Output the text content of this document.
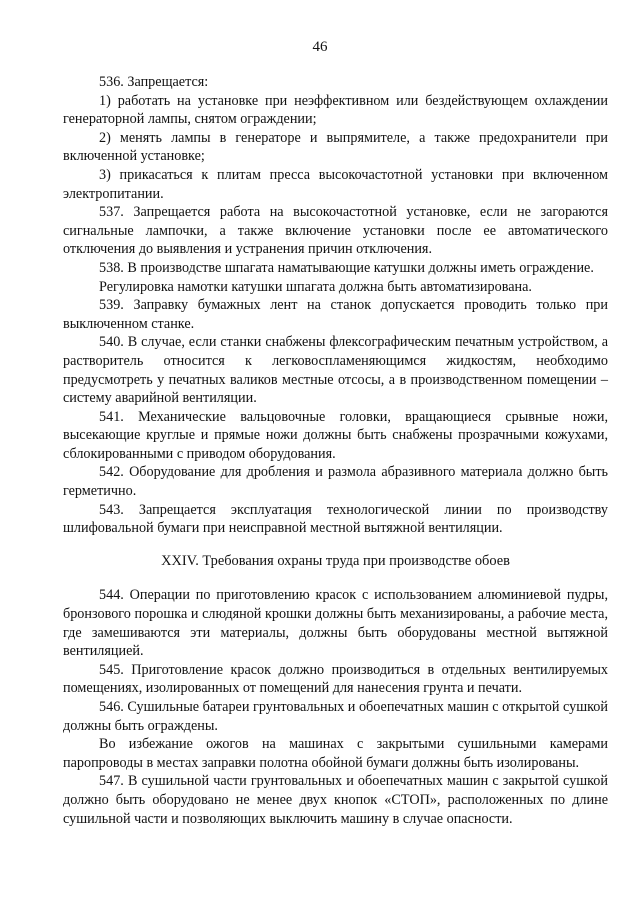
46

536. Запрещается:

1) работать на установке при неэффективном или бездействующем охлаждении генераторной лампы, снятом ограждении;

2) менять лампы в генераторе и выпрямителе, а также предохранители при включенной установке;

3) прикасаться к плитам пресса высокочастотной установки при включенном электропитании.

537. Запрещается работа на высокочастотной установке, если не загораются сигнальные лампочки, а также включение установки после ее автоматического отключения до выявления и устранения причин отключения.

538. В производстве шпагата наматывающие катушки должны иметь ограждение.

Регулировка намотки катушки шпагата должна быть автоматизирована.

539. Заправку бумажных лент на станок допускается проводить только при выключенном станке.

540. В случае, если станки снабжены флексографическим печатным устройством, а растворитель относится к легковоспламеняющимся жидкостям, необходимо предусмотреть у печатных валиков местные отсосы, а в производственном помещении – систему аварийной вентиляции.

541. Механические вальцовочные головки, вращающиеся срывные ножи, высекающие круглые и прямые ножи должны быть снабжены прозрачными кожухами, сблокированными с приводом оборудования.

542. Оборудование для дробления и размола абразивного материала должно быть герметично.

543. Запрещается эксплуатация технологической линии по производству шлифовальной бумаги при неисправной местной вытяжной вентиляции.

XXIV. Требования охраны труда при производстве обоев

544. Операции по приготовлению красок с использованием алюминиевой пудры, бронзового порошка и слюдяной крошки должны быть механизированы, а рабочие места, где замешиваются эти материалы, должны быть оборудованы местной вытяжной вентиляцией.

545. Приготовление красок должно производиться в отдельных вентилируемых помещениях, изолированных от помещений для нанесения грунта и печати.

546. Сушильные батареи грунтовальных и обоепечатных машин с открытой сушкой должны быть ограждены.

Во избежание ожогов на машинах с закрытыми сушильными камерами паропроводы в местах заправки полотна обойной бумаги должны быть изолированы.

547. В сушильной части грунтовальных и обоепечатных машин с закрытой сушкой должно быть оборудовано не менее двух кнопок «СТОП», расположенных по длине сушильной части и позволяющих выключить машину в случае опасности.
